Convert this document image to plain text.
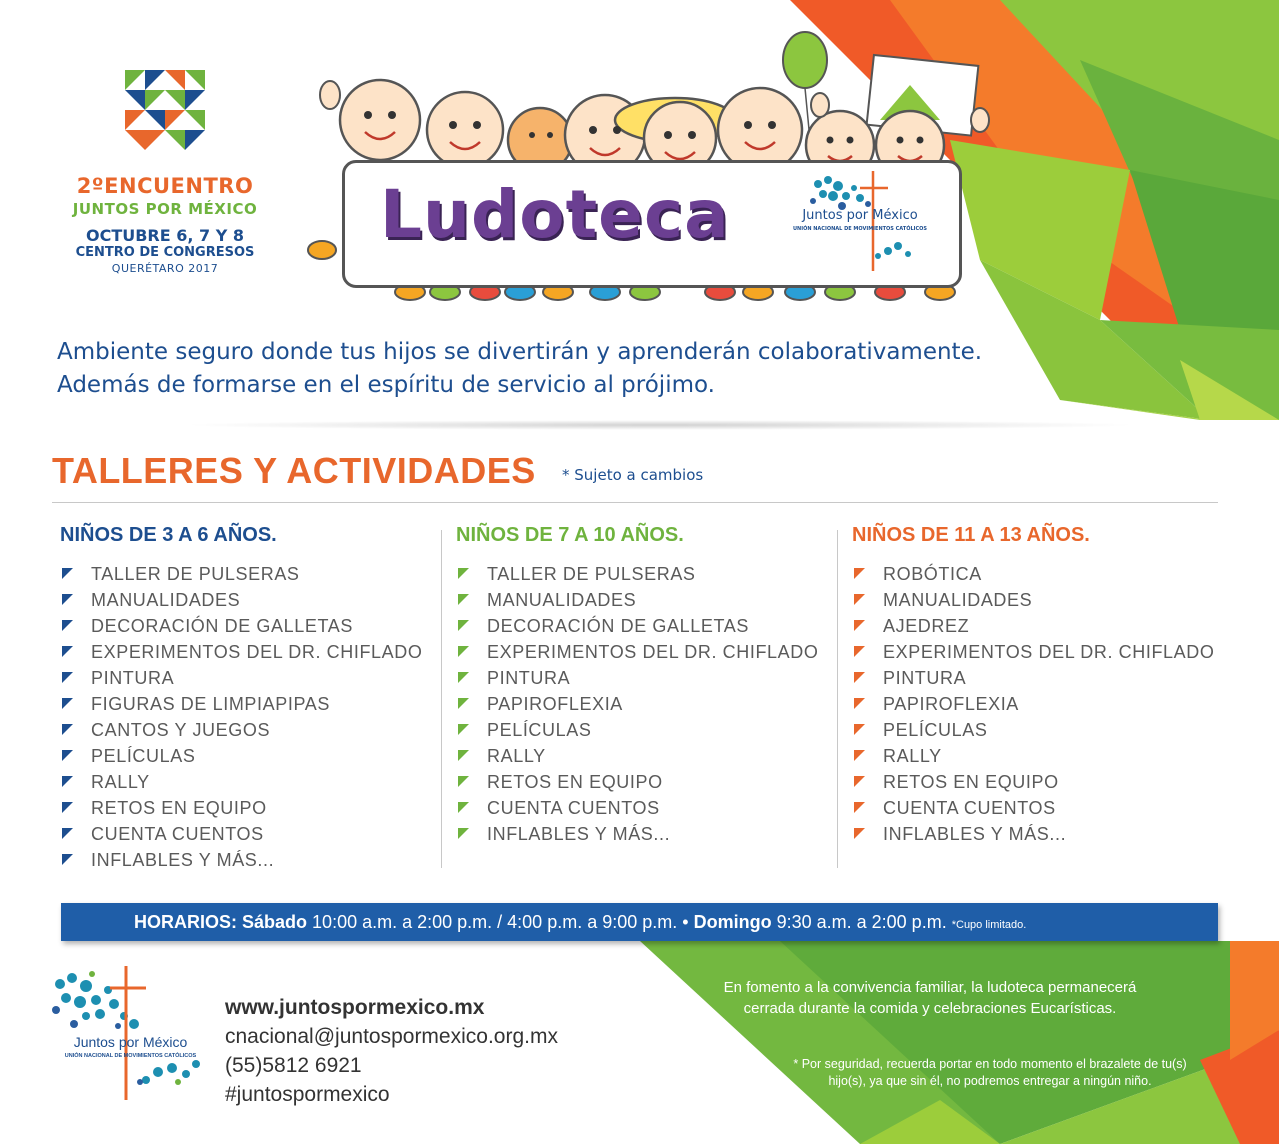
2ºENCUENTRO
JUNTOS POR MÉXICO
OCTUBRE 6, 7 Y 8
CENTRO DE CONGRESOS
QUERÉTARO 2017
Ludoteca	Juntos por México
UNIÓN NACIONAL DE MOVIMIENTOS CATÓLICOS
Ambiente seguro donde tus hijos se divertirán y aprenderán colaborativamente.
Además de formarse en el espíritu de servicio al prójimo.
TALLERES Y ACTIVIDADES * Sujeto a cambios
NIÑOS DE 3 A 6 AÑOS.
TALLER DE PULSERAS
MANUALIDADES
DECORACIÓN DE GALLETAS
EXPERIMENTOS DEL DR. CHIFLADO
PINTURA
FIGURAS DE LIMPIAPIPAS
CANTOS Y JUEGOS
PELÍCULAS
RALLY
RETOS EN EQUIPO
CUENTA CUENTOS
INFLABLES Y MÁS...
NIÑOS DE 7 A 10 AÑOS.
TALLER DE PULSERAS
MANUALIDADES
DECORACIÓN DE GALLETAS
EXPERIMENTOS DEL DR. CHIFLADO
PINTURA
PAPIROFLEXIA
PELÍCULAS
RALLY
RETOS EN EQUIPO
CUENTA CUENTOS
INFLABLES Y MÁS...
NIÑOS DE 11 A 13 AÑOS.
ROBÓTICA
MANUALIDADES
AJEDREZ
EXPERIMENTOS DEL DR. CHIFLADO
PINTURA
PAPIROFLEXIA
PELÍCULAS
RALLY
RETOS EN EQUIPO
CUENTA CUENTOS
INFLABLES Y MÁS...
HORARIOS: Sábado 10:00 a.m. a 2:00 p.m. / 4:00 p.m. a 9:00 p.m. • Domingo 9:30 a.m. a 2:00 p.m. *Cupo limitado.
Juntos por México
UNIÓN NACIONAL DE MOVIMIENTOS CATÓLICOS
www.juntospormexico.mx
cnacional@juntospormexico.org.mx
(55)5812 6921
#juntospormexico
En fomento a la convivencia familiar, la ludoteca permanecerá cerrada durante la comida y celebraciones Eucarísticas.
* Por seguridad, recuerda portar en todo momento el brazalete de tu(s) hijo(s), ya que sin él, no podremos entregar a ningún niño.
